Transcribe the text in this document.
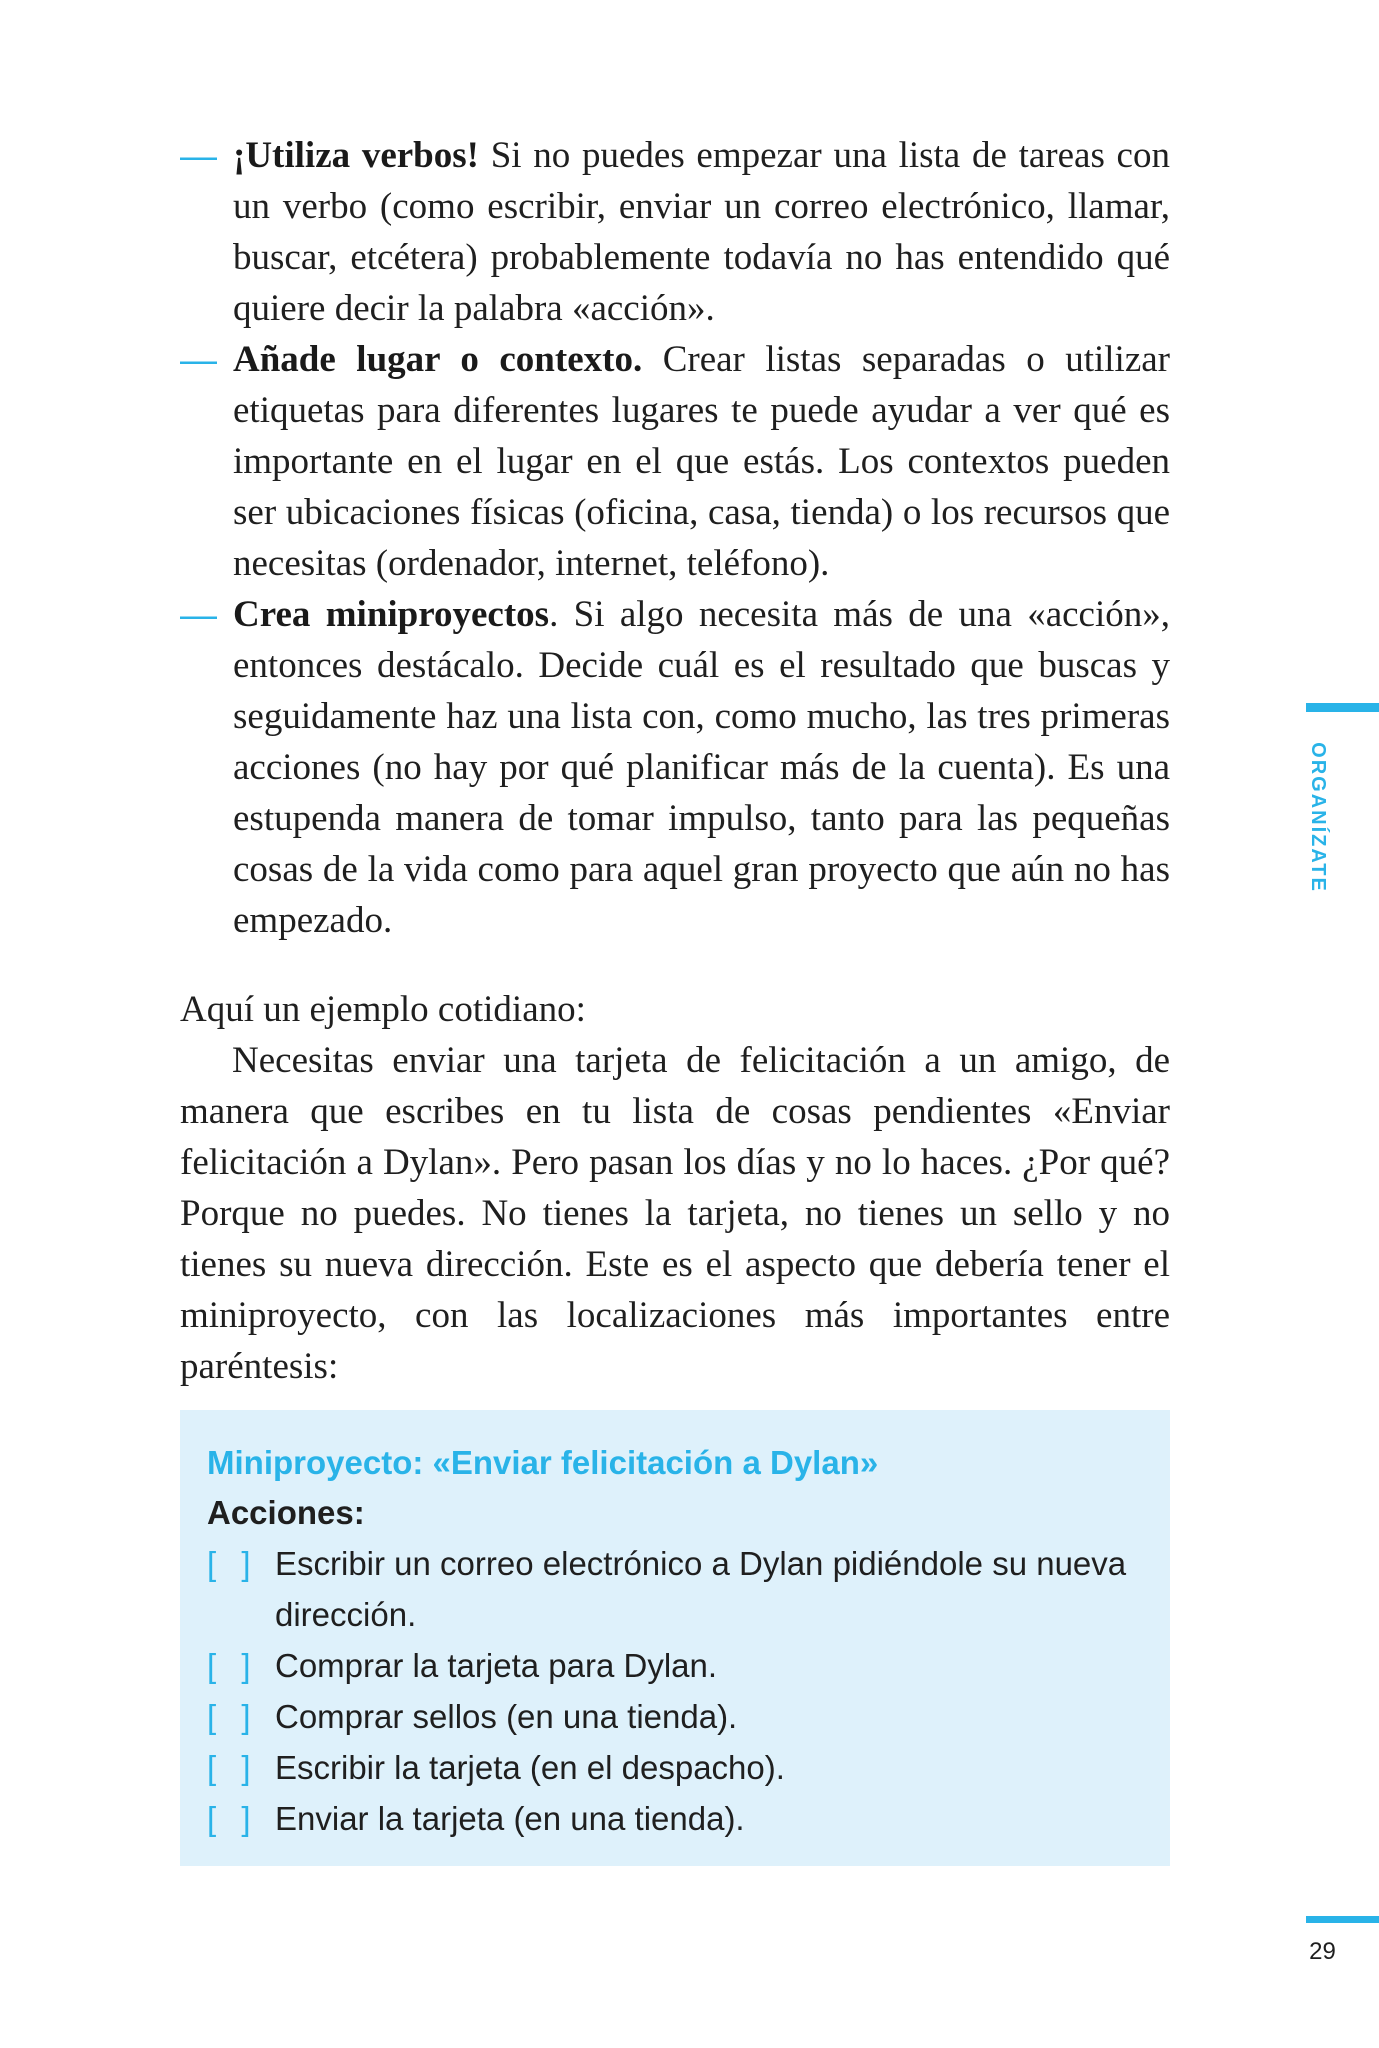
— ¡Utiliza verbos! Si no puedes empezar una lista de tareas con un verbo (como escribir, enviar un correo electrónico, llamar, buscar, etcétera) probablemente todavía no has entendido qué quiere decir la palabra «acción».

— Añade lugar o contexto. Crear listas separadas o utilizar etiquetas para diferentes lugares te puede ayudar a ver qué es importante en el lugar en el que estás. Los contextos pueden ser ubicaciones físicas (oficina, casa, tienda) o los recursos que necesitas (ordenador, internet, teléfono).

— Crea miniproyectos. Si algo necesita más de una «acción», entonces destácalo. Decide cuál es el resultado que buscas y seguidamente haz una lista con, como mucho, las tres primeras acciones (no hay por qué planificar más de la cuenta). Es una estupenda manera de tomar impulso, tanto para las pequeñas cosas de la vida como para aquel gran proyecto que aún no has empezado.

Aquí un ejemplo cotidiano:

Necesitas enviar una tarjeta de felicitación a un amigo, de manera que escribes en tu lista de cosas pendientes «Enviar felicitación a Dylan». Pero pasan los días y no lo haces. ¿Por qué? Porque no puedes. No tienes la tarjeta, no tienes un sello y no tienes su nueva dirección. Este es el aspecto que debería tener el miniproyecto, con las localizaciones más importantes entre paréntesis:

Miniproyecto: «Enviar felicitación a Dylan»
Acciones:
[ ] Escribir un correo electrónico a Dylan pidiéndole su nueva dirección.
[ ] Comprar la tarjeta para Dylan.
[ ] Comprar sellos (en una tienda).
[ ] Escribir la tarjeta (en el despacho).
[ ] Enviar la tarjeta (en una tienda).
ORGANÍZATE
29
